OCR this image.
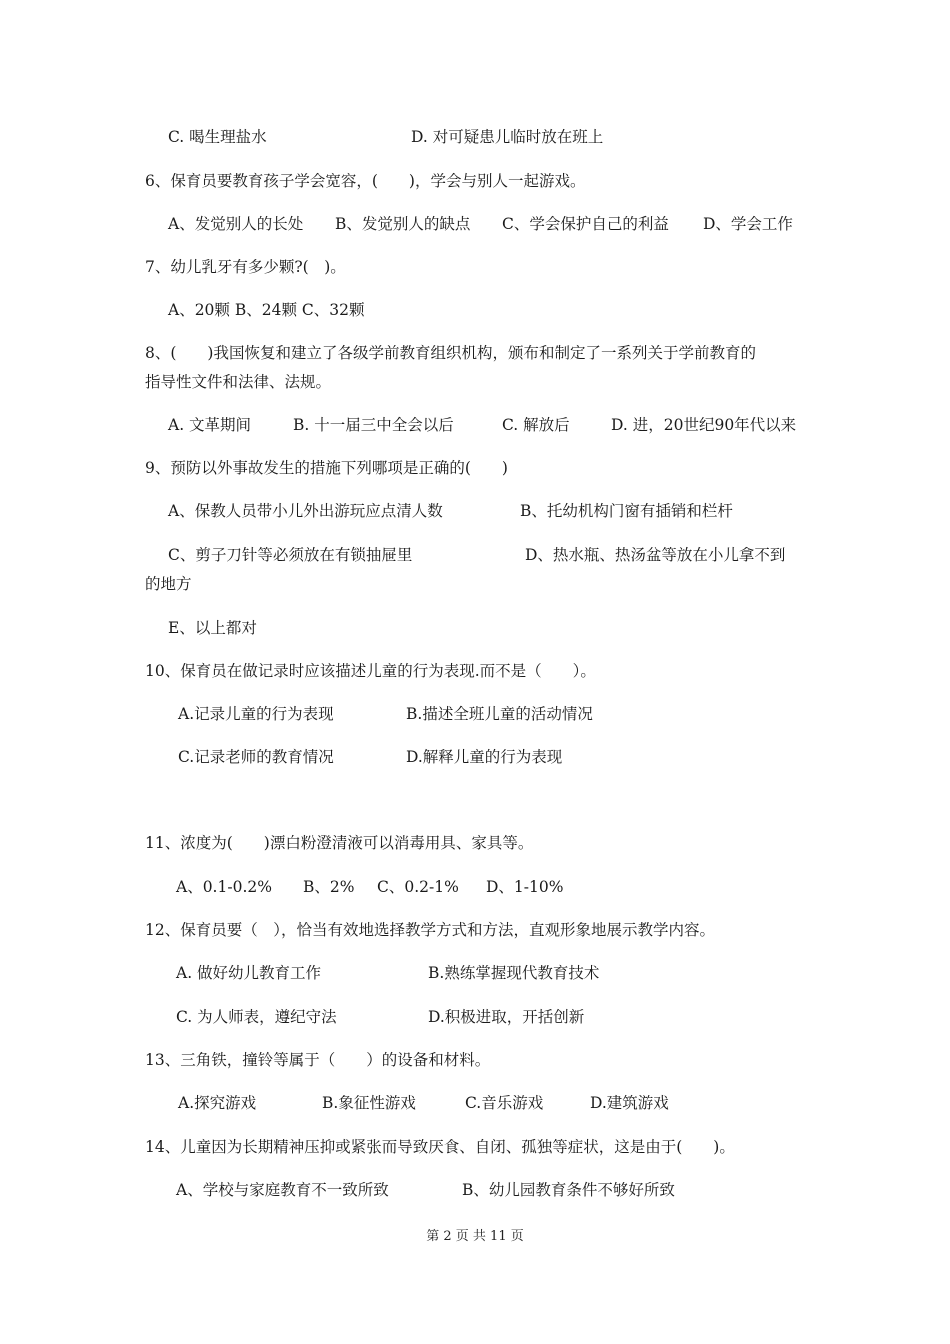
C. 喝生理盐水	D. 对可疑患儿临时放在班上
6、保育员要教育孩子学会宽容，(　　)，学会与别人一起游戏。
A、发觉别人的长处 B、发觉别人的缺点 C、学会保护自己的利益 D、学会工作
7、幼儿乳牙有多少颗?(　)。
A、20颗 B、24颗 C、32颗
8、(　　)我国恢复和建立了各级学前教育组织机构，颁布和制定了一系列关于学前教育的
指导性文件和法律、法规。
A. 文革期间	B. 十一届三中全会以后	C. 解放后	D. 进，20世纪90年代以来
9、预防以外事故发生的措施下列哪项是正确的(　　)
A、保教人员带小儿外出游玩应点清人数	B、托幼机构门窗有插销和栏杆
C、剪子刀针等必须放在有锁抽屉里	D、热水瓶、热汤盆等放在小儿拿不到
的地方
E、以上都对
10、保育员在做记录时应该描述儿童的行为表现.而不是（　　）。
A.记录儿童的行为表现	B.描述全班儿童的活动情况
C.记录老师的教育情况	D.解释儿童的行为表现
11、浓度为(　　)漂白粉澄清液可以消毒用具、家具等。
A、0.1-0.2% B、2% C、0.2-1% D、1-10%
12、保育员要（　），恰当有效地选择教学方式和方法，直观形象地展示教学内容。
A. 做好幼儿教育工作	B.熟练掌握现代教育技术
C. 为人师表，遵纪守法	D.积极进取，开括创新
13、三角铁，撞铃等属于（　　）的设备和材料。
A.探究游戏	B.象征性游戏	C.音乐游戏	D.建筑游戏
14、儿童因为长期精神压抑或紧张而导致厌食、自闭、孤独等症状，这是由于(　　)。
A、学校与家庭教育不一致所致	B、幼儿园教育条件不够好所致
第 2 页 共 11 页
